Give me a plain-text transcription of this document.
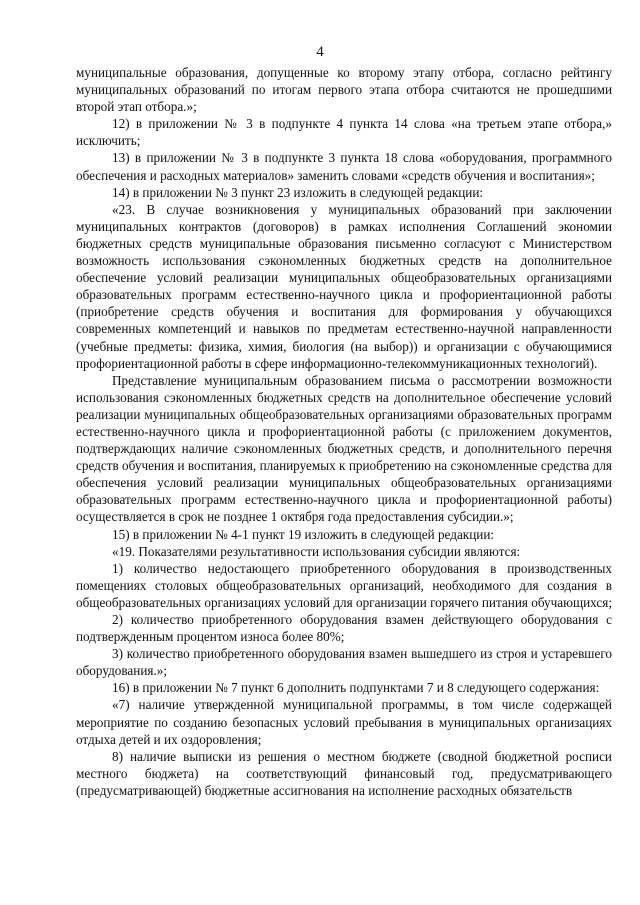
4

муниципальные образования, допущенные ко второму этапу отбора, согласно рейтингу муниципальных образований по итогам первого этапа отбора считаются не прошедшими второй этап отбора.»;

12) в приложении № 3 в подпункте 4 пункта 14 слова «на третьем этапе отбора,» исключить;

13) в приложении № 3 в подпункте 3 пункта 18 слова «оборудования, программного обеспечения и расходных материалов» заменить словами «средств обучения и воспитания»;

14) в приложении № 3 пункт 23 изложить в следующей редакции:

«23. В случае возникновения у муниципальных образований при заключении муниципальных контрактов (договоров) в рамках исполнения Соглашений экономии бюджетных средств муниципальные образования письменно согласуют с Министерством возможность использования сэкономленных бюджетных средств на дополнительное обеспечение условий реализации муниципальных общеобразовательных организациями образовательных программ естественно-научного цикла и профориентационной работы (приобретение средств обучения и воспитания для формирования у обучающихся современных компетенций и навыков по предметам естественно-научной направленности (учебные предметы: физика, химия, биология (на выбор)) и организации с обучающимися профориентационной работы в сфере информационно-телекоммуникационных технологий).

Представление муниципальным образованием письма о рассмотрении возможности использования сэкономленных бюджетных средств на дополнительное обеспечение условий реализации муниципальных общеобразовательных организациями образовательных программ естественно-научного цикла и профориентационной работы (с приложением документов, подтверждающих наличие сэкономленных бюджетных средств, и дополнительного перечня средств обучения и воспитания, планируемых к приобретению на сэкономленные средства для обеспечения условий реализации муниципальных общеобразовательных организациями образовательных программ естественно-научного цикла и профориентационной работы) осуществляется в срок не позднее 1 октября года предоставления субсидии.»;

15) в приложении № 4-1 пункт 19 изложить в следующей редакции:

«19. Показателями результативности использования субсидии являются:

1) количество недостающего приобретенного оборудования в производственных помещениях столовых общеобразовательных организаций, необходимого для создания в общеобразовательных организациях условий для организации горячего питания обучающихся;

2) количество приобретенного оборудования взамен действующего оборудования с подтвержденным процентом износа более 80%;

3) количество приобретенного оборудования взамен вышедшего из строя и устаревшего оборудования.»;

16) в приложении № 7 пункт 6 дополнить подпунктами 7 и 8 следующего содержания:

«7) наличие утвержденной муниципальной программы, в том числе содержащей мероприятие по созданию безопасных условий пребывания в муниципальных организациях отдыха детей и их оздоровления;

8) наличие выписки из решения о местном бюджете (сводной бюджетной росписи местного бюджета) на соответствующий финансовый год, предусматривающего (предусматривающей) бюджетные ассигнования на исполнение расходных обязательств
